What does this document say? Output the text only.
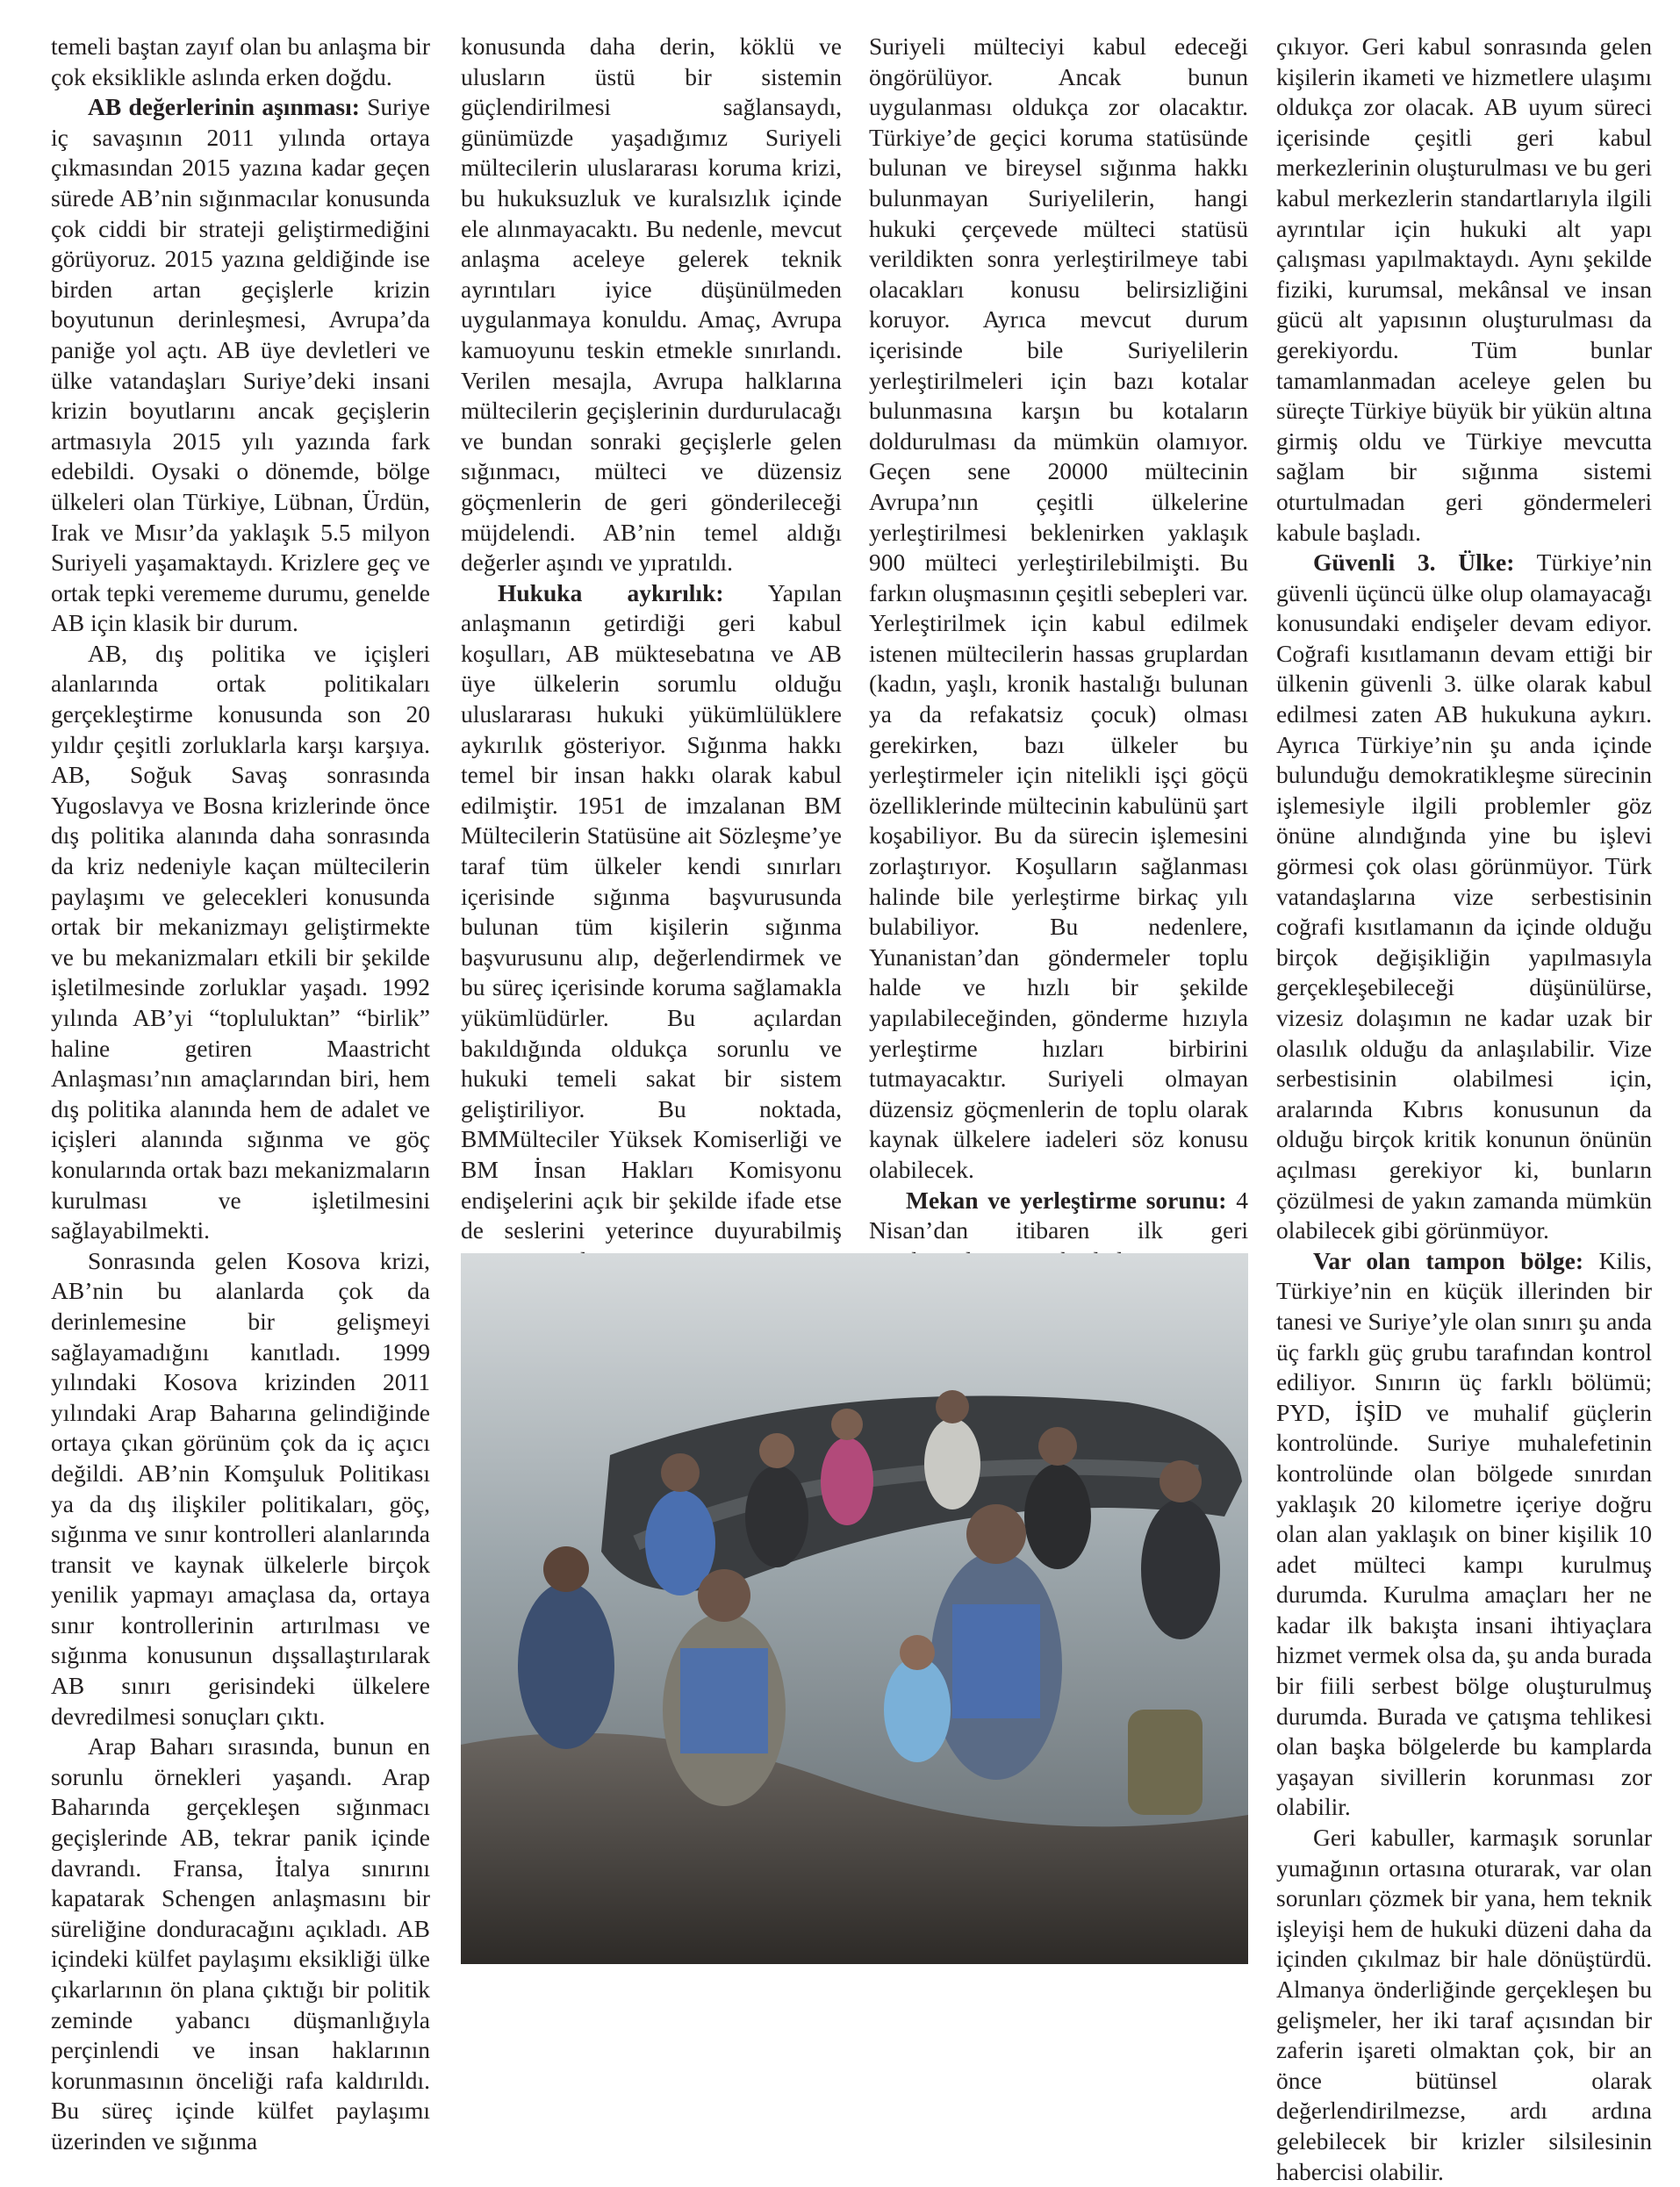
temeli baştan zayıf olan bu anlaşma bir çok eksiklikle aslında erken doğdu.

AB değerlerinin aşınması: Suriye iç savaşının 2011 yılında ortaya çıkmasından 2015 yazına kadar geçen sürede AB’nin sığınmacılar konusunda çok ciddi bir strateji geliştirmediğini görüyoruz. 2015 yazına geldiğinde ise birden artan geçişlerle krizin boyutunun derinleşmesi, Avrupa’da paniğe yol açtı. AB üye devletleri ve ülke vatandaşları Suriye’deki insani krizin boyutlarını ancak geçişlerin artmasıyla 2015 yılı yazında fark edebildi. Oysaki o dönemde, bölge ülkeleri olan Türkiye, Lübnan, Ürdün, Irak ve Mısır’da yaklaşık 5.5 milyon Suriyeli yaşamaktaydı. Krizlere geç ve ortak tepki verememe durumu, genelde AB için klasik bir durum.

AB, dış politika ve içişleri alanlarında ortak politikaları gerçekleştirme konusunda son 20 yıldır çeşitli zorluklarla karşı karşıya. AB, Soğuk Savaş sonrasında Yugoslavya ve Bosna krizlerinde önce dış politika alanında daha sonrasında da kriz nedeniyle kaçan mültecilerin paylaşımı ve gelecekleri konusunda ortak bir mekanizmayı geliştirmekte ve bu mekanizmaları etkili bir şekilde işletilmesinde zorluklar yaşadı. 1992 yılında AB’yi “topluluktan” “birlik” haline getiren Maastricht Anlaşması’nın amaçlarından biri, hem dış politika alanında hem de adalet ve içişleri alanında sığınma ve göç konularında ortak bazı mekanizmaların kurulması ve işletilmesini sağlayabilmekti.

Sonrasında gelen Kosova krizi, AB’nin bu alanlarda çok da derinlemesine bir gelişmeyi sağlayamadığını kanıtladı. 1999 yılındaki Kosova krizinden 2011 yılındaki Arap Baharına gelindiğinde ortaya çıkan görünüm çok da iç açıcı değildi. AB’nin Komşuluk Politikası ya da dış ilişkiler politikaları, göç, sığınma ve sınır kontrolleri alanlarında transit ve kaynak ülkelerle birçok yenilik yapmayı amaçlasa da, ortaya sınır kontrollerinin artırılması ve sığınma konusunun dışsallaştırılarak AB sınırı gerisindeki ülkelere devredilmesi sonuçları çıktı.

Arap Baharı sırasında, bunun en sorunlu örnekleri yaşandı. Arap Baharında gerçekleşen sığınmacı geçişlerinde AB, tekrar panik içinde davrandı. Fransa, İtalya sınırını kapatarak Schengen anlaşmasını bir süreliğine donduracağını açıkladı. AB içindeki külfet paylaşımı eksikliği ülke çıkarlarının ön plana çıktığı bir politik zeminde yabancı düşmanlığıyla perçinlendi ve insan haklarının korunmasının önceliği rafa kaldırıldı. Bu süreç içinde külfet paylaşımı üzerinden ve sığınma

konusunda daha derin, köklü ve ulusların üstü bir sistemin güçlendirilmesi sağlansaydı, günümüzde yaşadığımız Suriyeli mültecilerin uluslararası koruma krizi, bu hukuksuzluk ve kuralsızlık içinde ele alınmayacaktı. Bu nedenle, mevcut anlaşma aceleye gelerek teknik ayrıntıları iyice düşünülmeden uygulanmaya konuldu. Amaç, Avrupa kamuoyunu teskin etmekle sınırlandı. Verilen mesajla, Avrupa halklarına mültecilerin geçişlerinin durdurulacağı ve bundan sonraki geçişlerle gelen sığınmacı, mülteci ve düzensiz göçmenlerin de geri gönderileceği müjdelendi. AB’nin temel aldığı değerler aşındı ve yıpratıldı.

Hukuka aykırılık: Yapılan anlaşmanın getirdiği geri kabul koşulları, AB müktesebatına ve AB üye ülkelerin sorumlu olduğu uluslararası hukuki yükümlülüklere aykırılık gösteriyor. Sığınma hakkı temel bir insan hakkı olarak kabul edilmiştir. 1951 de imzalanan BM Mültecilerin Statüsüne ait Sözleşme’ye taraf tüm ülkeler kendi sınırları içerisinde sığınma başvurusunda bulunan tüm kişilerin sığınma başvurusunu alıp, değerlendirmek ve bu süreç içerisinde koruma sağlamakla yükümlüdürler. Bu açılardan bakıldığında oldukça sorunlu ve hukuki temeli sakat bir sistem geliştiriliyor. Bu noktada, BMMülteciler Yüksek Komiserliği ve BM İnsan Hakları Komisyonu endişelerini açık bir şekilde ifade etse de seslerini yeterince duyurabilmiş

Suriyeli mülteciyi kabul edeceği öngörülüyor. Ancak bunun uygulanması oldukça zor olacaktır. Türkiye’de geçici koruma statüsünde bulunan ve bireysel sığınma hakkı bulunmayan Suriyelilerin, hangi hukuki çerçevede mülteci statüsü verildikten sonra yerleştirilmeye tabi olacakları konusu belirsizliğini koruyor. Ayrıca mevcut durum içerisinde bile Suriyelilerin yerleştirilmeleri için bazı kotalar bulunmasına karşın bu kotaların doldurulması da mümkün olamıyor. Geçen sene 20000 mültecinin Avrupa’nın çeşitli ülkelerine yerleştirilmesi beklenirken yaklaşık 900 mülteci yerleştirilebilmişti. Bu farkın oluşmasının çeşitli sebepleri var. Yerleştirilmek için kabul edilmek istenen mültecilerin hassas gruplardan (kadın, yaşlı, kronik hastalığı bulunan ya da refakatsiz çocuk) olması gerekirken, bazı ülkeler bu yerleştirmeler için nitelikli işçi göçü özelliklerinde mültecinin kabulünü şart koşabiliyor. Bu da sürecin işlemesini zorlaştırıyor. Koşulların sağlanması halinde bile yerleştirme birkaç yılı bulabiliyor. Bu nedenlere, Yunanistan’dan göndermeler toplu halde ve hızlı bir şekilde yapılabileceğinden, gönderme hızıyla yerleştirme hızları birbirini tutmayacaktır. Suriyeli olmayan düzensiz göçmenlerin de toplu olarak kaynak ülkelere iadeleri söz konusu olabilecek.

Mekan ve yerleştirme sorunu: 4 Nisan’dan itibaren ilk geri

çıkıyor. Geri kabul sonrasında gelen kişilerin ikameti ve hizmetlere ulaşımı oldukça zor olacak. AB uyum süreci içerisinde çeşitli geri kabul merkezlerinin oluşturulması ve bu geri kabul merkezlerin standartlarıyla ilgili ayrıntılar için hukuki alt yapı çalışması yapılmaktaydı. Aynı şekilde fiziki, kurumsal, mekânsal ve insan gücü alt yapısının oluşturulması da gerekiyordu. Tüm bunlar tamamlanmadan aceleye gelen bu süreçte Türkiye büyük bir yükün altına girmiş oldu ve Türkiye mevcutta sağlam bir sığınma sistemi oturtulmadan geri göndermeleri kabule başladı.

Güvenli 3. Ülke: Türkiye’nin güvenli üçüncü ülke olup olamayacağı konusundaki endişeler devam ediyor. Coğrafi kısıtlamanın devam ettiği bir ülkenin güvenli 3. ülke olarak kabul edilmesi zaten AB hukukuna aykırı. Ayrıca Türkiye’nin şu anda içinde bulunduğu demokratikleşme sürecinin işlemesiyle ilgili problemler göz önüne alındığında yine bu işlevi görmesi çok olası görünmüyor. Türk vatandaşlarına vize serbestisinin coğrafi kısıtlamanın da içinde olduğu birçok değişikliğin yapılmasıyla gerçekleşebileceği düşünülürse, vizesiz dolaşımın ne kadar uzak bir olasılık olduğu da anlaşılabilir. Vize serbestisinin olabilmesi için, aralarında Kıbrıs konusunun da olduğu birçok kritik konunun önünün açılması gerekiyor ki, bunların çözülmesi de yakın zamanda mümkün olabilecek gibi görünmüyor.

Var olan tampon bölge: Kilis, Türkiye’nin en küçük illerinden bir tanesi ve Suriye’yle olan sınırı şu anda üç farklı güç grubu tarafından kontrol ediliyor. Sınırın üç farklı bölümü; PYD, İŞİD ve muhalif güçlerin kontrolünde. Suriye muhalefetinin kontrolünde olan bölgede sınırdan yaklaşık 20 kilometre içeriye doğru olan alan yaklaşık on biner kişilik 10 adet mülteci kampı kurulmuş durumda. Kurulma amaçları her ne kadar ilk bakışta insani ihtiyaçlara hizmet vermek olsa da, şu anda burada bir fiili serbest bölge oluşturulmuş durumda. Burada ve çatışma tehlikesi olan başka bölgelerde bu kamplarda yaşayan sivillerin korunması zor olabilir.

Geri kabuller, karmaşık sorunlar yumağının ortasına oturarak, var olan sorunları çözmek bir yana, hem teknik işleyişi hem de hukuki düzeni daha da içinden çıkılmaz bir hale dönüştürdü. Almanya önderliğinde gerçekleşen bu gelişmeler, her iki taraf açısından bir zaferin işareti olmaktan çok, bir an önce bütünsel olarak değerlendirilmezse, ardı ardına gelebilecek bir krizler silsilesinin habercisi olabilir.
